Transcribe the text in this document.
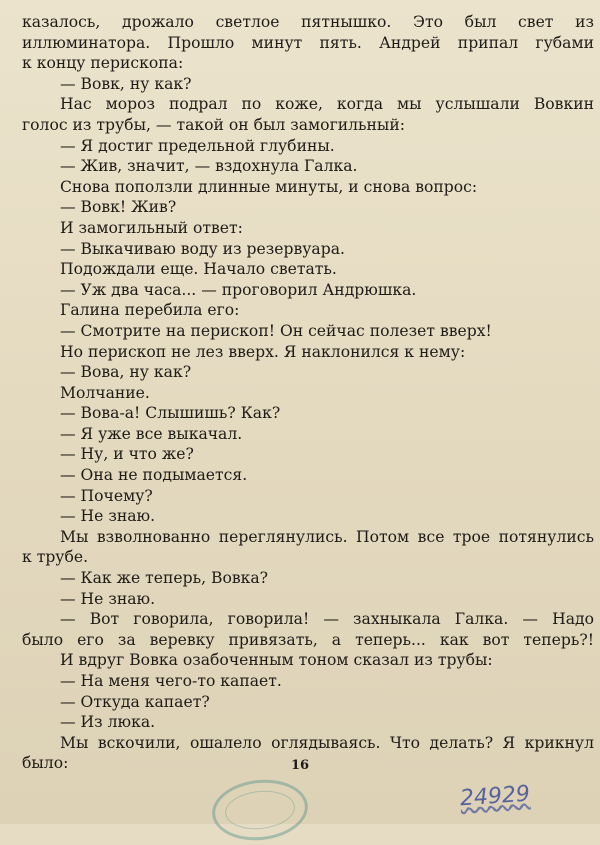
казалось, дрожало светлое пятнышко. Это был свет из
иллюминатора. Прошло минут пять. Андрей припал губами
к концу перископа:
— Вовк, ну как?
Нас мороз подрал по коже, когда мы услышали Вовкин
голос из трубы, — такой он был замогильный:
— Я достиг предельной глубины.
— Жив, значит, — вздохнула Галка.
Снова поползли длинные минуты, и снова вопрос:
— Вовк! Жив?
И замогильный ответ:
— Выкачиваю воду из резервуара.
Подождали еще. Начало светать.
— Уж два часа... — проговорил Андрюшка.
Галина перебила его:
— Смотрите на перископ! Он сейчас полезет вверх!
Но перископ не лез вверх. Я наклонился к нему:
— Вова, ну как?
Молчание.
— Вова-а! Слышишь? Как?
— Я уже все выкачал.
— Ну, и что же?
— Она не подымается.
— Почему?
— Не знаю.
Мы взволнованно переглянулись. Потом все трое потянулись
к трубе.
— Как же теперь, Вовка?
— Не знаю.
— Вот говорила, говорила! — захныкала Галка. — Надо
было его за веревку привязать, а теперь... как вот теперь?!
И вдруг Вовка озабоченным тоном сказал из трубы:
— На меня чего-то капает.
— Откуда капает?
— Из люка.
Мы вскочили, ошалело оглядываясь. Что делать? Я крикнул
было:	16
24929
